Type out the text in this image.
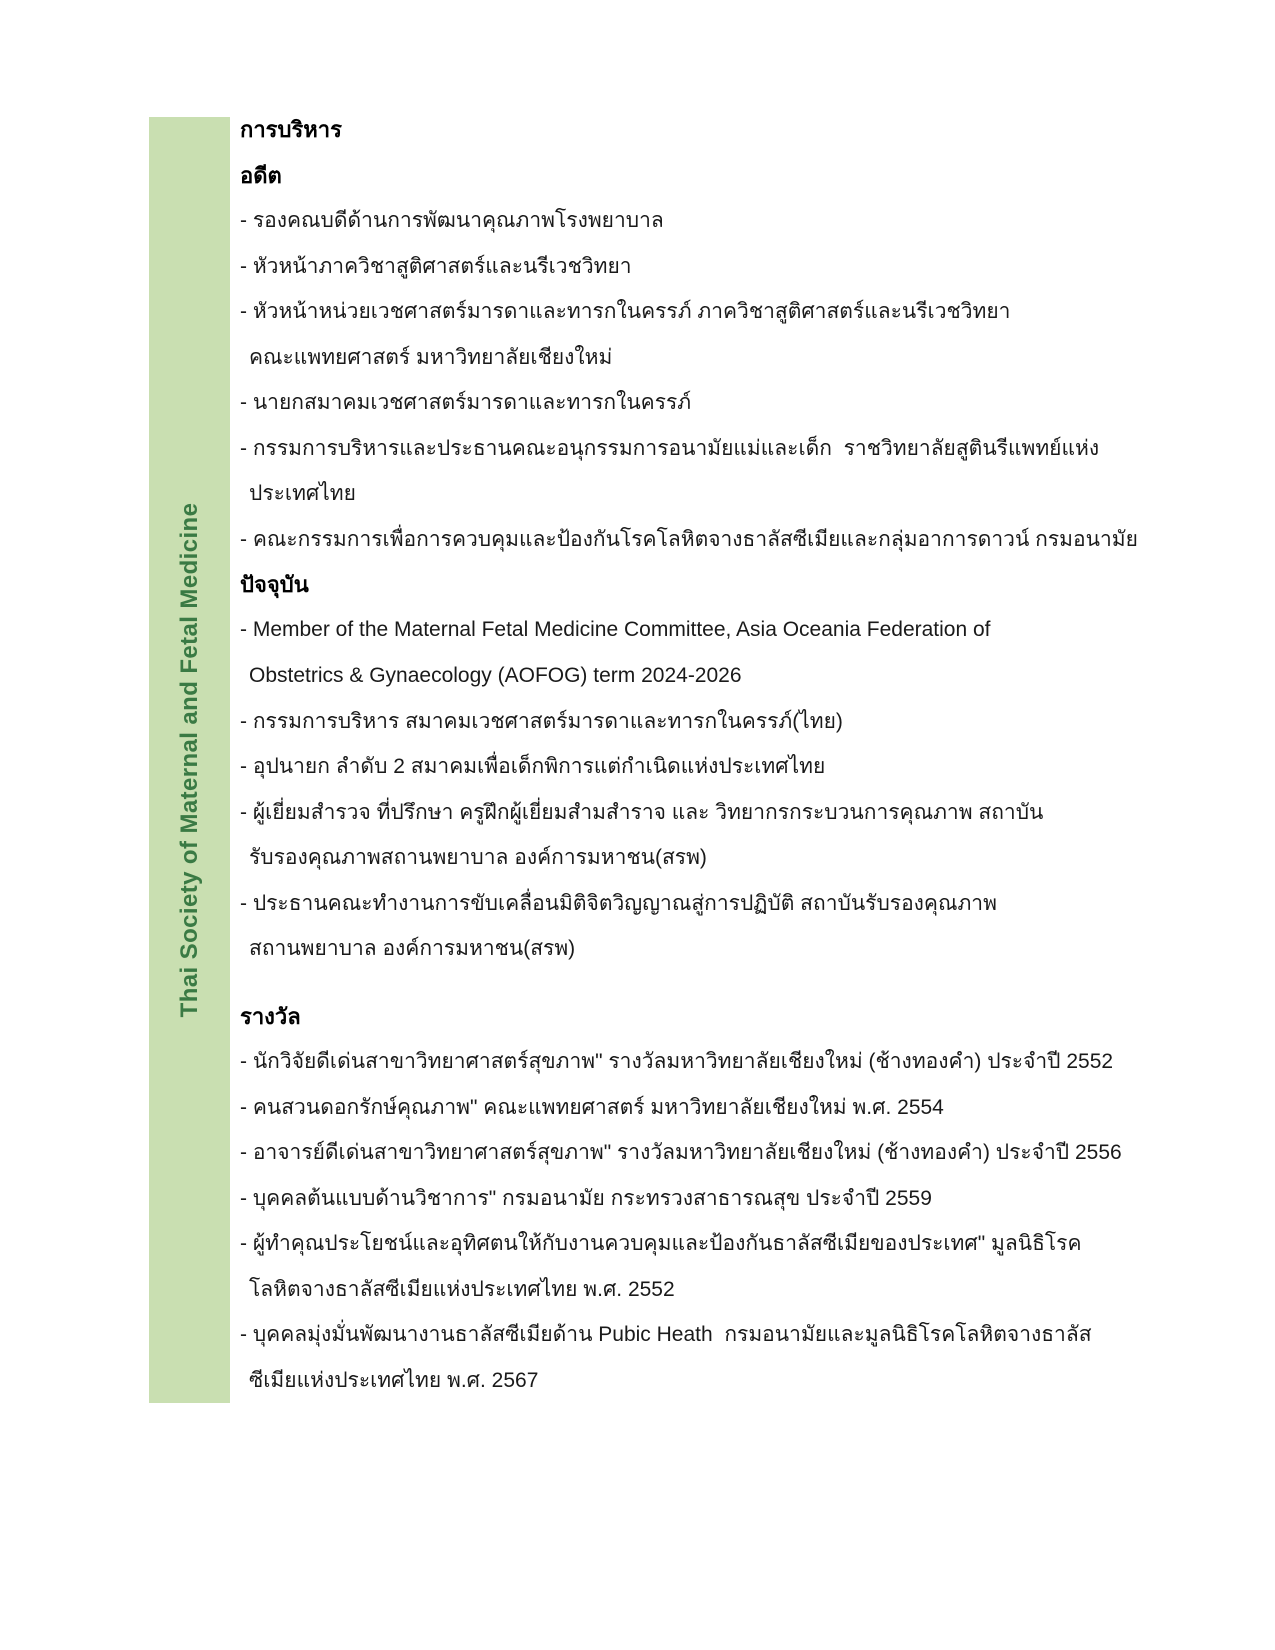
Thai Society of Maternal and Fetal Medicine
การบริหาร
อดีต
- รองคณบดีด้านการพัฒนาคุณภาพโรงพยาบาล
- หัวหน้าภาควิชาสูติศาสตร์และนรีเวชวิทยา
- หัวหน้าหน่วยเวชศาสตร์มารดาและทารกในครรภ์ ภาควิชาสูติศาสตร์และนรีเวชวิทยา
คณะแพทยศาสตร์ มหาวิทยาลัยเชียงใหม่
- นายกสมาคมเวชศาสตร์มารดาและทารกในครรภ์
- กรรมการบริหารและประธานคณะอนุกรรมการอนามัยแม่และเด็ก  ราชวิทยาลัยสูตินรีแพทย์แห่ง
ประเทศไทย
- คณะกรรมการเพื่อการควบคุมและป้องกันโรคโลหิตจางธาลัสซีเมียและกลุ่มอาการดาวน์ กรมอนามัย
ปัจจุบัน
- Member of the Maternal Fetal Medicine Committee, Asia Oceania Federation of
Obstetrics & Gynaecology (AOFOG) term 2024-2026
- กรรมการบริหาร สมาคมเวชศาสตร์มารดาและทารกในครรภ์(ไทย)
- อุปนายก ลำดับ 2 สมาคมเพื่อเด็กพิการแต่กำเนิดแห่งประเทศไทย
- ผู้เยี่ยมสำรวจ ที่ปรึกษา ครูฝึกผู้เยี่ยมสำมสำราจ และ วิทยากรกระบวนการคุณภาพ สถาบัน
รับรองคุณภาพสถานพยาบาล องค์การมหาชน(สรพ)
- ประธานคณะทำงานการขับเคลื่อนมิติจิตวิญญาณสู่การปฏิบัติ สถาบันรับรองคุณภาพ
สถานพยาบาล องค์การมหาชน(สรพ)
รางวัล
- นักวิจัยดีเด่นสาขาวิทยาศาสตร์สุขภาพ" รางวัลมหาวิทยาลัยเชียงใหม่ (ช้างทองคำ) ประจำปี 2552
- คนสวนดอกรักษ์คุณภาพ" คณะแพทยศาสตร์ มหาวิทยาลัยเชียงใหม่ พ.ศ. 2554
- อาจารย์ดีเด่นสาขาวิทยาศาสตร์สุขภาพ" รางวัลมหาวิทยาลัยเชียงใหม่ (ช้างทองคำ) ประจำปี 2556
- บุคคลต้นแบบด้านวิชาการ" กรมอนามัย กระทรวงสาธารณสุข ประจำปี 2559
- ผู้ทำคุณประโยชน์และอุทิศตนให้กับงานควบคุมและป้องกันธาลัสซีเมียของประเทศ" มูลนิธิโรค
โลหิตจางธาลัสซีเมียแห่งประเทศไทย พ.ศ. 2552
- บุคคลมุ่งมั่นพัฒนางานธาลัสซีเมียด้าน Pubic Heath  กรมอนามัยและมูลนิธิโรคโลหิตจางธาลัส
ซีเมียแห่งประเทศไทย พ.ศ. 2567
